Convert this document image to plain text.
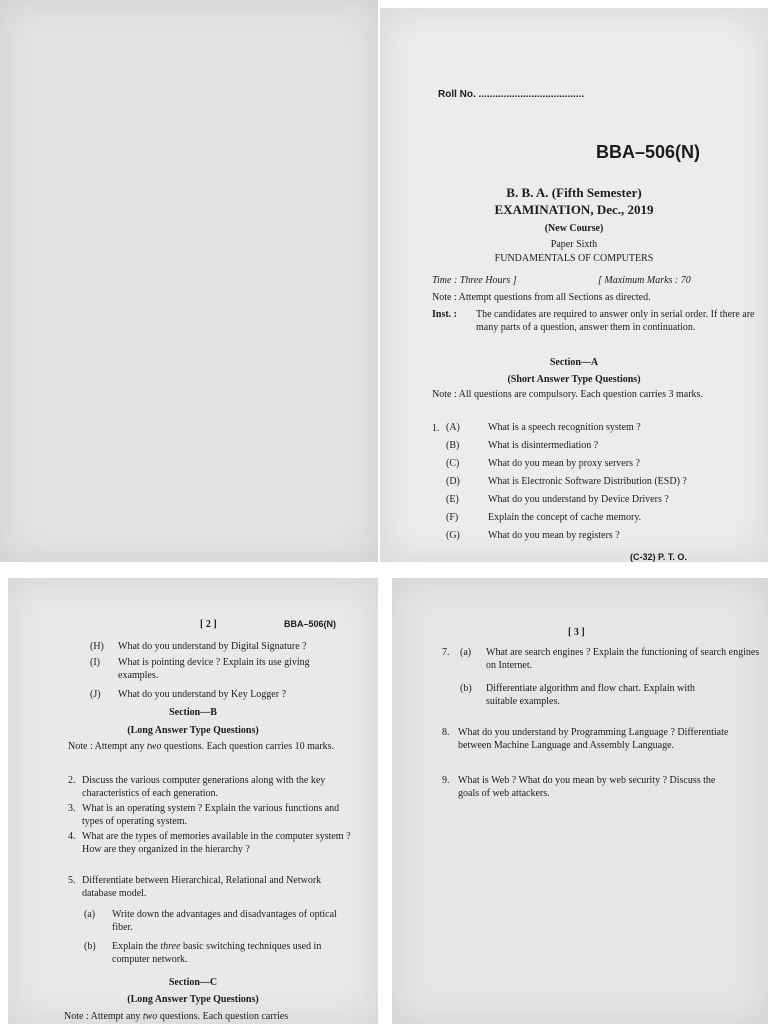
Roll No. ......................................
BBA–506(N)
B. B. A. (Fifth Semester)
EXAMINATION, Dec., 2019
(New Course)
Paper Sixth
FUNDAMENTALS OF COMPUTERS
Time : Three Hours ]	[ Maximum Marks : 70
Note : Attempt questions from all Sections as directed.
Inst. : The candidates are required to answer only in serial order. If there are many parts of a question, answer them in continuation.
Section—A
(Short Answer Type Questions)
Note : All questions are compulsory. Each question carries 3 marks.
1. (A)	What is a speech recognition system ?
(B)	What is disintermediation ?
(C)	What do you mean by proxy servers ?
(D)	What is Electronic Software Distribution (ESD) ?
(E)	What do you understand by Device Drivers ?
(F)	Explain the concept of cache memory.
(G)	What do you mean by registers ?
(C-32) P. T. O.
[ 2 ]	BBA–506(N)
(H) What do you understand by Digital Signature ?
(I) What is pointing device ? Explain its use giving examples.
(J) What do you understand by Key Logger ?
Section—B
(Long Answer Type Questions)
Note : Attempt any two questions. Each question carries 10 marks.
2. Discuss the various computer generations along with the key characteristics of each generation.
3. What is an operating system ? Explain the various functions and types of operating system.
4. What are the types of memories available in the computer system ? How are they organized in the hierarchy ?
5. Differentiate between Hierarchical, Relational and Network database model.
(a) Write down the advantages and disadvantages of optical fiber.
(b) Explain the three basic switching techniques used in computer network.
Section—C
(Long Answer Type Questions)
Note : Attempt any two questions. Each question carries
[ 3 ]
7. (a) What are search engines ? Explain the functioning of search engines on Internet.
(b) Differentiate algorithm and flow chart. Explain with suitable examples.
8. What do you understand by Programming Language ? Differentiate between Machine Language and Assembly Language.
9. What is Web ? What do you mean by web security ? Discuss the goals of web attackers.
